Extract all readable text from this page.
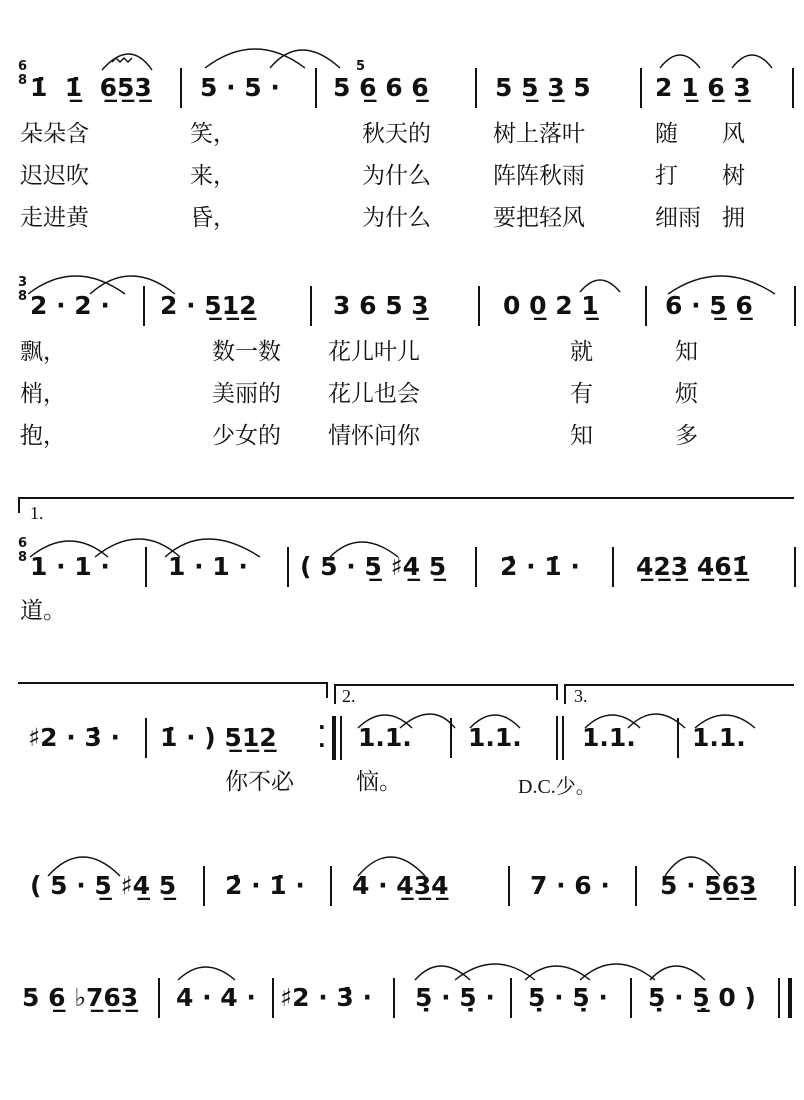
6
8 1̇  1̲̇  6̲5̲3̲ 5 · 5 ·
5
5 6̲ 6 6̲	5 5̲ 3̲ 5	2 1̲ 6̲ 3̲
朵朵含	笑，	秋天的	树上落叶	随 风
迟迟吹	来，	为什么	阵阵秋雨	打 树
走进黄	昏，	为什么	要把轻风	细雨 拥
3
8 2 · 2 · 2 · 5̲1̲2̲	3 6 5 3̲	0 0̲ 2 1̲	6 · 5̲ 6̲
飘，	数一数 花儿叶儿	就	知
梢，	美丽的 花儿也会	有	烦
抱，	少女的 情怀问你	知	多
1.
6
8 1 · 1 · 1 · 1 · ( 5 · 5̲ ♯4̲ 5̲ 2̇ · 1̇ · 4̲2̲3̲ 4̲6̲1̲̇
道。
2.	3.
♯2 · 3̇ · 1̇ · ) 5̲1̲2̲ ·
· 1.1. 1.1. 1.1. 1.1.
你不必	恼。	D.C.少。
( 5 · 5̲ ♯4̲ 5̲ 2̇ · 1̇ · 4 · 4̲3̲4̲	7 · 6 · 5 · 5̲6̲3̲
5 6̲ ♭7̲6̲3̲ 4 · 4 · ♯2 · 3̇ · 5̣ · 5̣ · 5̣ · 5̣ · 5̣ · 5̲̣ 0 )
